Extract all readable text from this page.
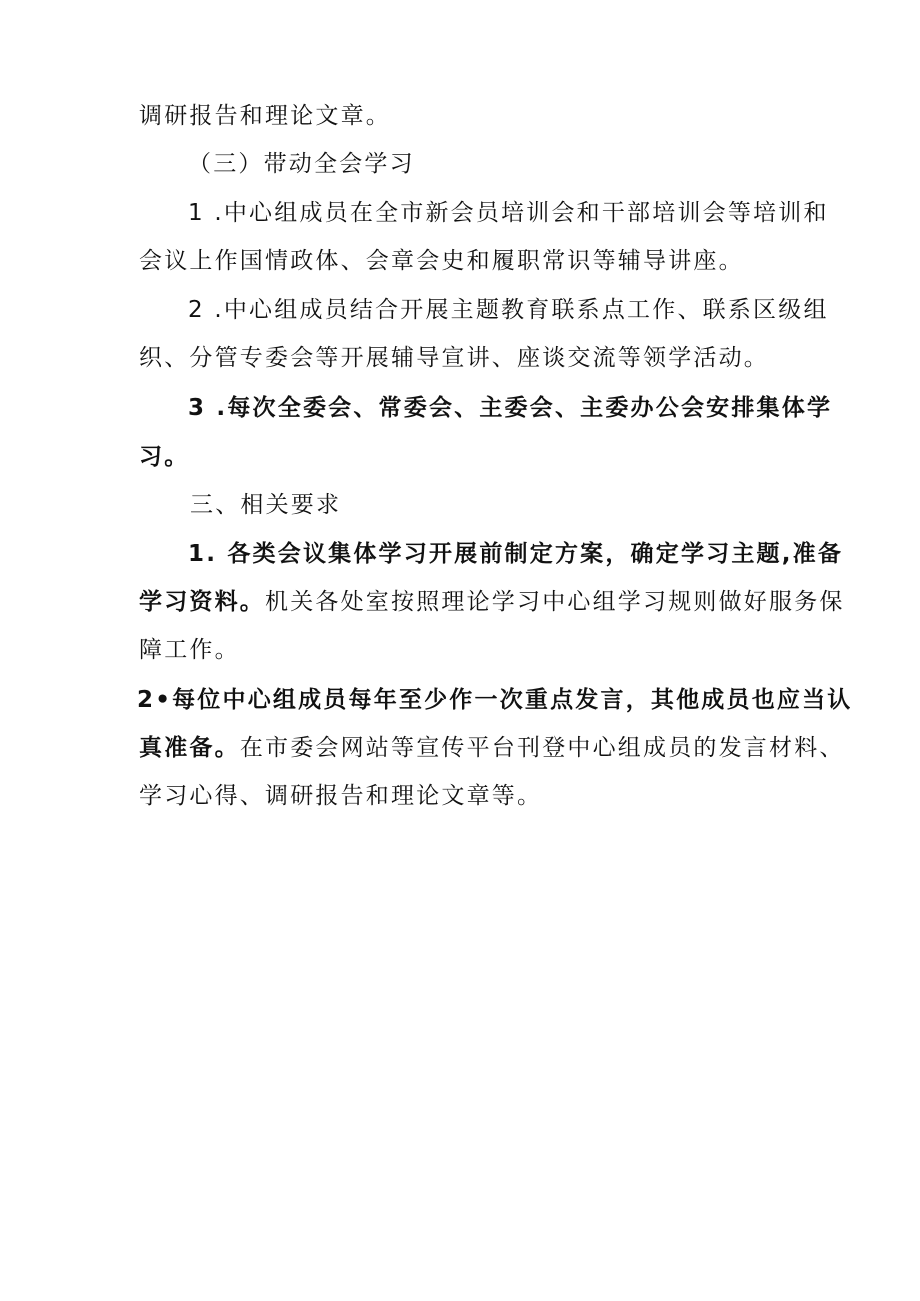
调研报告和理论文章。
（三）带动全会学习
1 .中心组成员在全市新会员培训会和干部培训会等培训和
会议上作国情政体、会章会史和履职常识等辅导讲座。
2 .中心组成员结合开展主题教育联系点工作、联系区级组
织、分管专委会等开展辅导宣讲、座谈交流等领学活动。
3 .每次全委会、常委会、主委会、主委办公会安排集体学
习。
三、相关要求
1. 各类会议集体学习开展前制定方案，确定学习主题,准备
学习资料。机关各处室按照理论学习中心组学习规则做好服务保
障工作。
2•每位中心组成员每年至少作一次重点发言，其他成员也应当认
真准备。在市委会网站等宣传平台刊登中心组成员的发言材料、
学习心得、调研报告和理论文章等。
